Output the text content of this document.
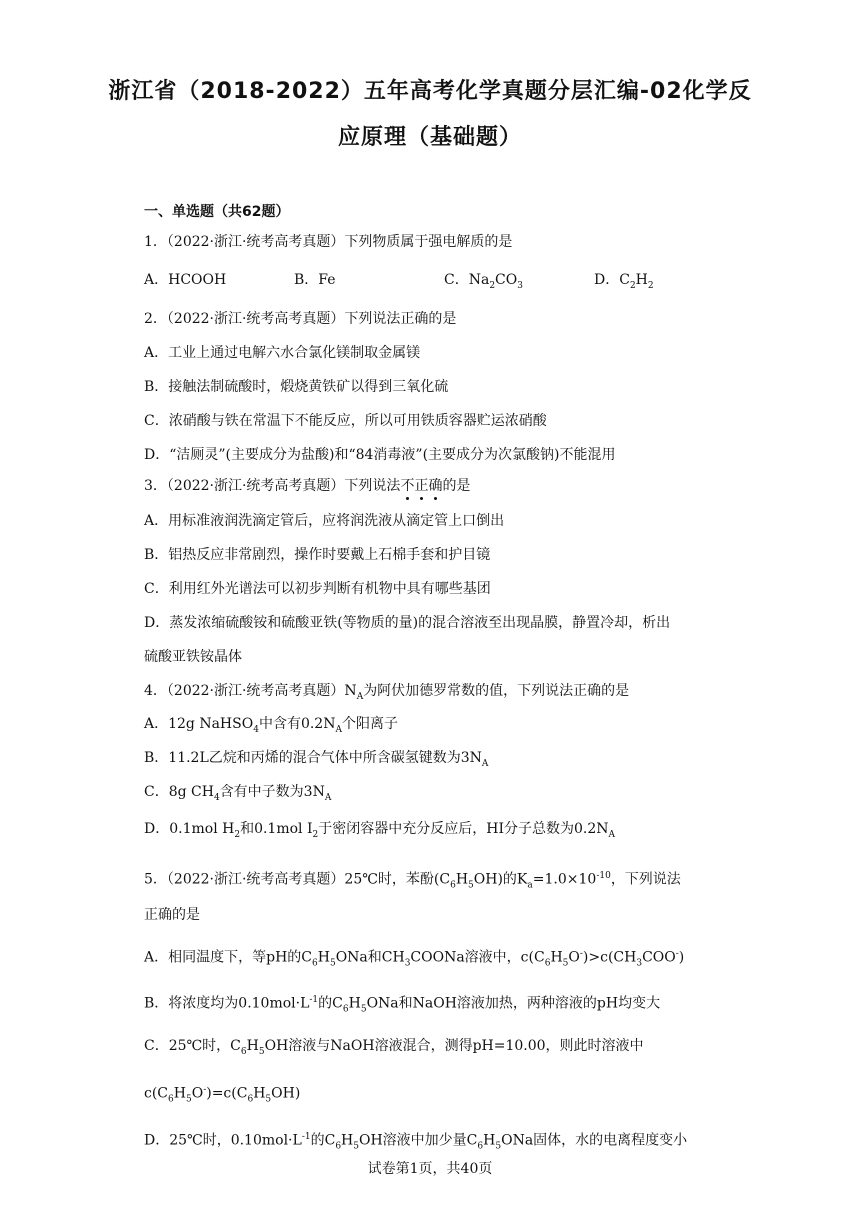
浙江省（2018-2022）五年高考化学真题分层汇编-02化学反
应原理（基础题）
一、单选题（共62题）
1．（2022·浙江·统考高考真题）下列物质属于强电解质的是
A．HCOOH	B．Fe	C．$Na_2CO_3$	D．$C_2H_2$
2．（2022·浙江·统考高考真题）下列说法正确的是
A．工业上通过电解六水合氯化镁制取金属镁
B．接触法制硫酸时，煅烧黄铁矿以得到三氧化硫
C．浓硝酸与铁在常温下不能反应，所以可用铁质容器贮运浓硝酸
D．“洁厕灵”(主要成分为盐酸)和“84消毒液”(主要成分为次氯酸钠)不能混用
3．（2022·浙江·统考高考真题）下列说法不
正
确
的是
A．用标准液润洗滴定管后，应将润洗液从滴定管上口倒出
B．铝热反应非常剧烈，操作时要戴上石棉手套和护目镜
C．利用红外光谱法可以初步判断有机物中具有哪些基团
D．蒸发浓缩硫酸铵和硫酸亚铁(等物质的量)的混合溶液至出现晶膜，静置冷却，析出
硫酸亚铁铵晶体
4．（2022·浙江·统考高考真题）$N_A$为阿伏加德罗常数的值，下列说法正确的是
A．12g NaHSO$_4$中含有$0.2N_A$个阳离子
B．11.2L乙烷和丙烯的混合气体中所含碳氢键数为$3N_A$
C．8g $CH_4$含有中子数为$3N_A$
D．0.1mol $H_2$和0.1mol $I_2$于密闭容器中充分反应后，HI分子总数为$0.2N_A$
5．（2022·浙江·统考高考真题）25℃时，苯酚$(C_6H_5OH)$的$K_a=1.0\times 10^{-10}$，下列说法
正确的是
A．相同温度下，等pH的$C_6H_5ONa$和$CH_3COONa$溶液中，$c(C_6H_5O^-)>c(CH_3COO^-)$
B．将浓度均为$0.10mol\cdot L^{-1}$的$C_6H_5ONa$和NaOH溶液加热，两种溶液的pH均变大
C．25℃时，$C_6H_5OH$溶液与NaOH溶液混合，测得pH=10.00，则此时溶液中
$c(C_6H_5O^-)=c(C_6H_5OH)$
D．25℃时，$0.10mol\cdot L^{-1}$的$C_6H_5OH$溶液中加少量$C_6H_5ONa$固体，水的电离程度变小
试卷第1页，共40页
